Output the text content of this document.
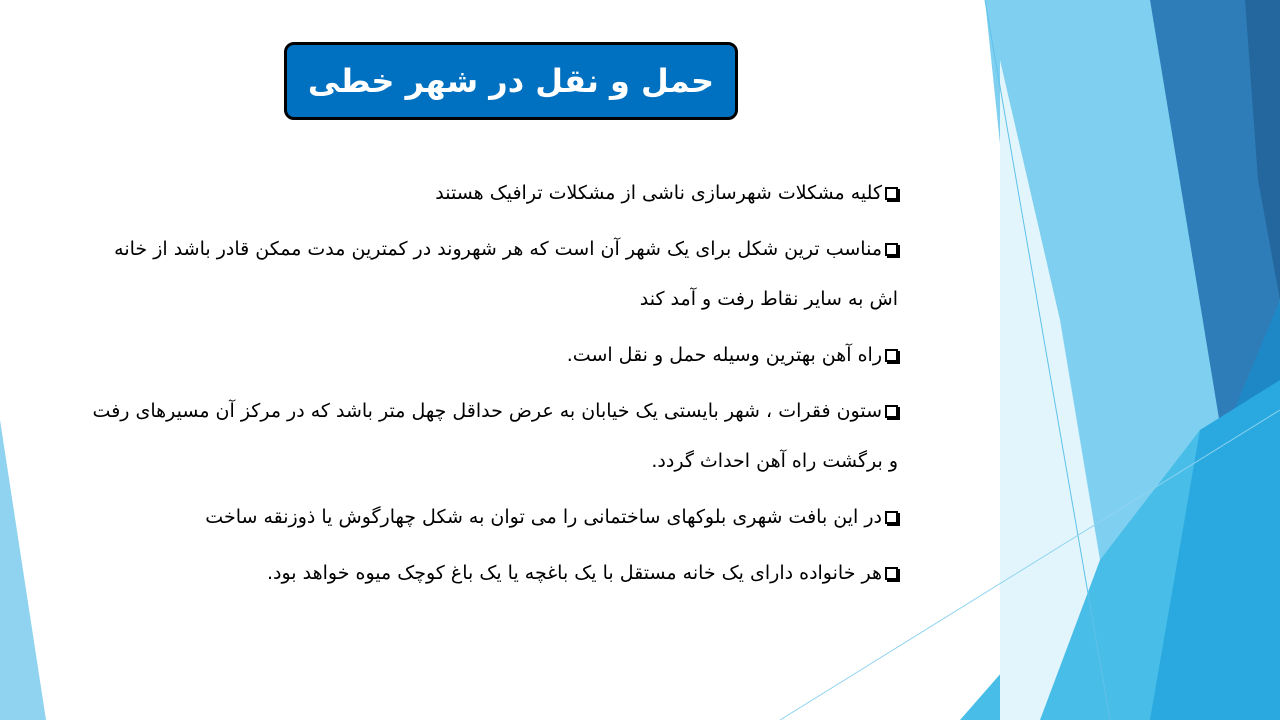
حمل و نقل در شهر خطی
کلیه مشکلات شهرسازی ناشی از مشکلات ترافیک هستند
مناسب ترین شکل برای یک شهر آن است که هر شهروند در کمترین مدت ممکن قادر باشد از خانه اش به سایر نقاط رفت و آمد کند
راه آهن بهترین وسیله حمل و نقل است.
ستون فقرات ، شهر بایستی یک خیابان به عرض حداقل چهل متر باشد که در مرکز آن مسیرهای رفت و برگشت راه آهن احداث گردد.
در این بافت شهری بلوکهای ساختمانی را می توان به شکل چهارگوش یا ذوزنقه ساخت
هر خانواده دارای یک خانه مستقل با یک باغچه یا یک باغ کوچک میوه خواهد بود.
